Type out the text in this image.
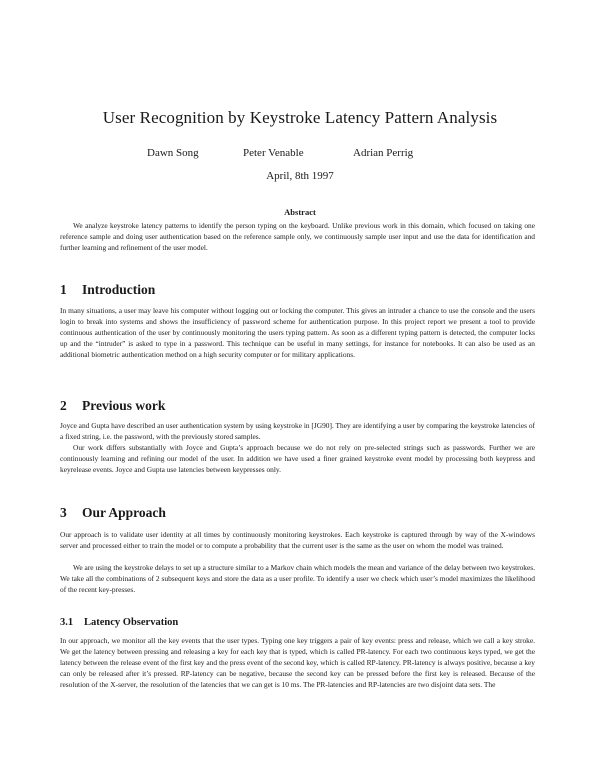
User Recognition by Keystroke Latency Pattern Analysis
Dawn Song	Peter Venable	Adrian Perrig
April, 8th 1997
Abstract

We analyze keystroke latency patterns to identify the person typing on the keyboard. Unlike previous work in this domain, which focused on taking one reference sample and doing user authentication based on the reference sample only, we continuously sample user input and use the data for identification and further learning and refinement of the user model.

1 Introduction

In many situations, a user may leave his computer without logging out or locking the computer. This gives an intruder a chance to use the console and the users login to break into systems and shows the insufficiency of password scheme for authentication purpose. In this project report we present a tool to provide continuous authentication of the user by continuously monitoring the users typing pattern. As soon as a different typing pattern is detected, the computer locks up and the “intruder” is asked to type in a password. This technique can be useful in many settings, for instance for notebooks. It can also be used as an additional biometric authentication method on a high security computer or for military applications.

2 Previous work

Joyce and Gupta have described an user authentication system by using keystroke in [JG90]. They are identifying a user by comparing the keystroke latencies of a fixed string, i.e. the password, with the previously stored samples.

Our work differs substantially with Joyce and Gupta’s approach because we do not rely on pre-selected strings such as passwords. Further we are continuously learning and refining our model of the user. In addition we have used a finer grained keystroke event model by processing both keypress and keyrelease events. Joyce and Gupta use latencies between keypresses only.

3 Our Approach

Our approach is to validate user identity at all times by continuously monitoring keystrokes. Each keystroke is captured through by way of the X-windows server and processed either to train the model or to compute a probability that the current user is the same as the user on whom the model was trained.

We are using the keystroke delays to set up a structure similar to a Markov chain which models the mean and variance of the delay between two keystrokes. We take all the combinations of 2 subsequent keys and store the data as a user profile. To identify a user we check which user’s model maximizes the likelihood of the recent key-presses.

3.1 Latency Observation

In our approach, we monitor all the key events that the user types. Typing one key triggers a pair of key events: press and release, which we call a key stroke. We get the latency between pressing and releasing a key for each key that is typed, which is called PR-latency. For each two continuous keys typed, we get the latency between the release event of the first key and the press event of the second key, which is called RP-latency. PR-latency is always positive, because a key can only be released after it’s pressed. RP-latency can be negative, because the second key can be pressed before the first key is released. Because of the resolution of the X-server, the resolution of the latencies that we can get is 10 ms. The PR-latencies and RP-latencies are two disjoint data sets. The
